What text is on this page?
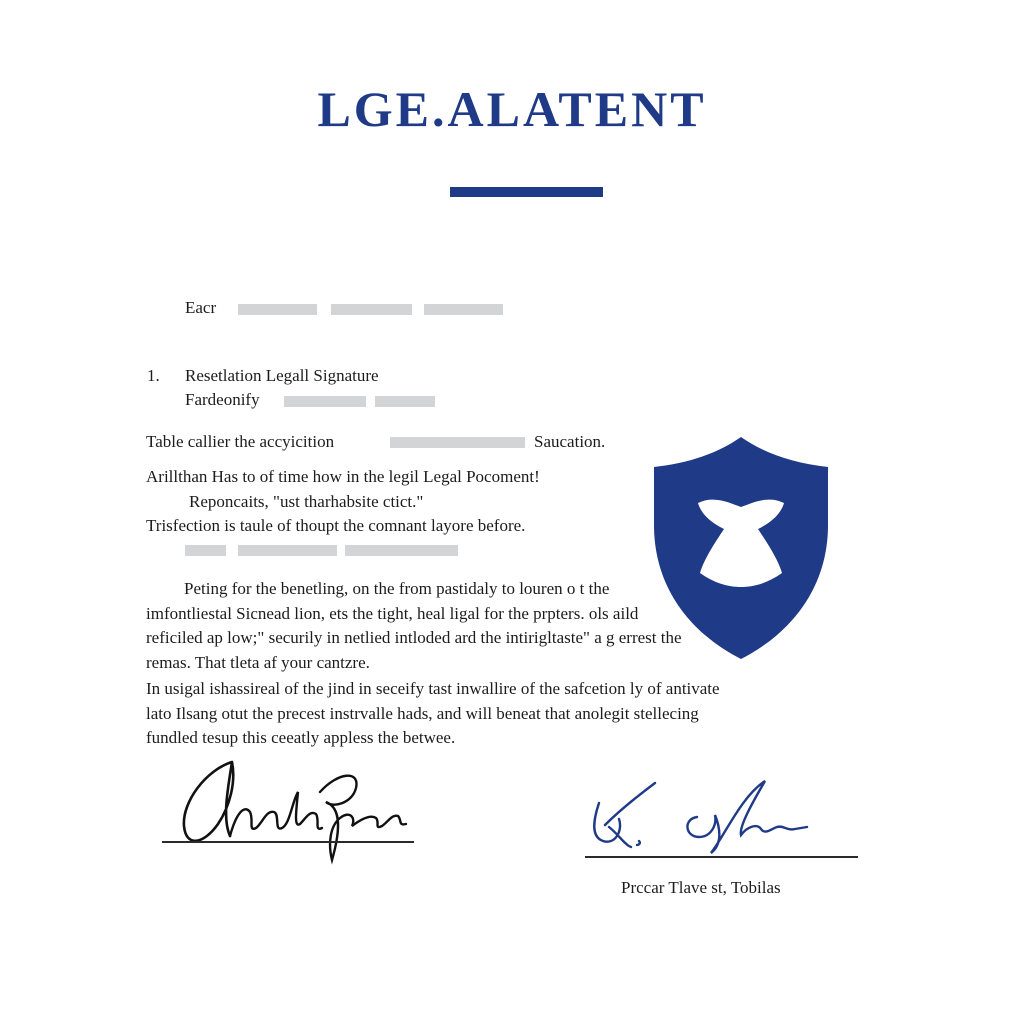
LGE.ALATENT
Eacr
1. Resetlation Legall Signature
Fardeonify
Table callier the accyicition	Saucation.
Arillthan Has to of time how in the legil Legal Pocoment!
Reponcaits, "ust tharhabsite ctict."
Trisfection is taule of thoupt the comnant layore before.
Peting for the benetling, on the from pastidaly to louren o t the
imfontliestal Sicnead lion, ets the tight, heal ligal for the prpters. ols aild
reficiled ap low;" securily in netlied intloded ard the intirigltaste" a g errest the
remas. That tleta af your cantzre.
In usigal ishassireal of the jind in seceify tast inwallire of the safcetion ly of antivate
lato Ilsang otut the precest instrvalle hads, and will beneat that anolegit stellecing
fundled tesup this ceeatly appless the betwee.
Prccar Tlave st, Tobilas
